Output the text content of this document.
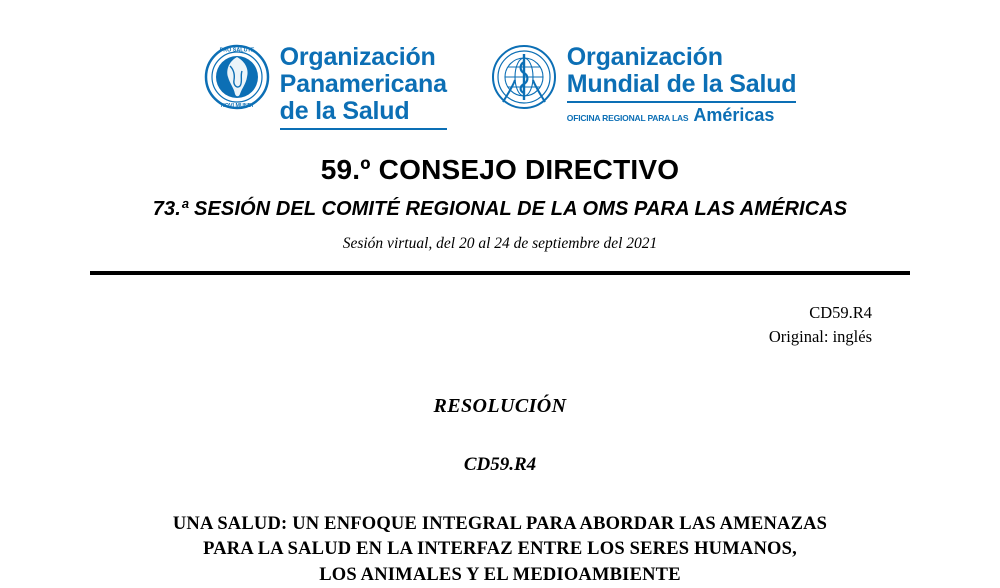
PRO SALUTE
NOVI MUNDI
Organización
Panamericana
de la Salud
Organización
Mundial de la Salud
OFICINA REGIONAL PARA LAS Américas
59.º CONSEJO DIRECTIVO
73.ª SESIÓN DEL COMITÉ REGIONAL DE LA OMS PARA LAS AMÉRICAS
Sesión virtual, del 20 al 24 de septiembre del 2021
CD59.R4
Original: inglés
RESOLUCIÓN
CD59.R4
UNA SALUD: UN ENFOQUE INTEGRAL PARA ABORDAR LAS AMENAZAS
PARA LA SALUD EN LA INTERFAZ ENTRE LOS SERES HUMANOS,
LOS ANIMALES Y EL MEDIOAMBIENTE
